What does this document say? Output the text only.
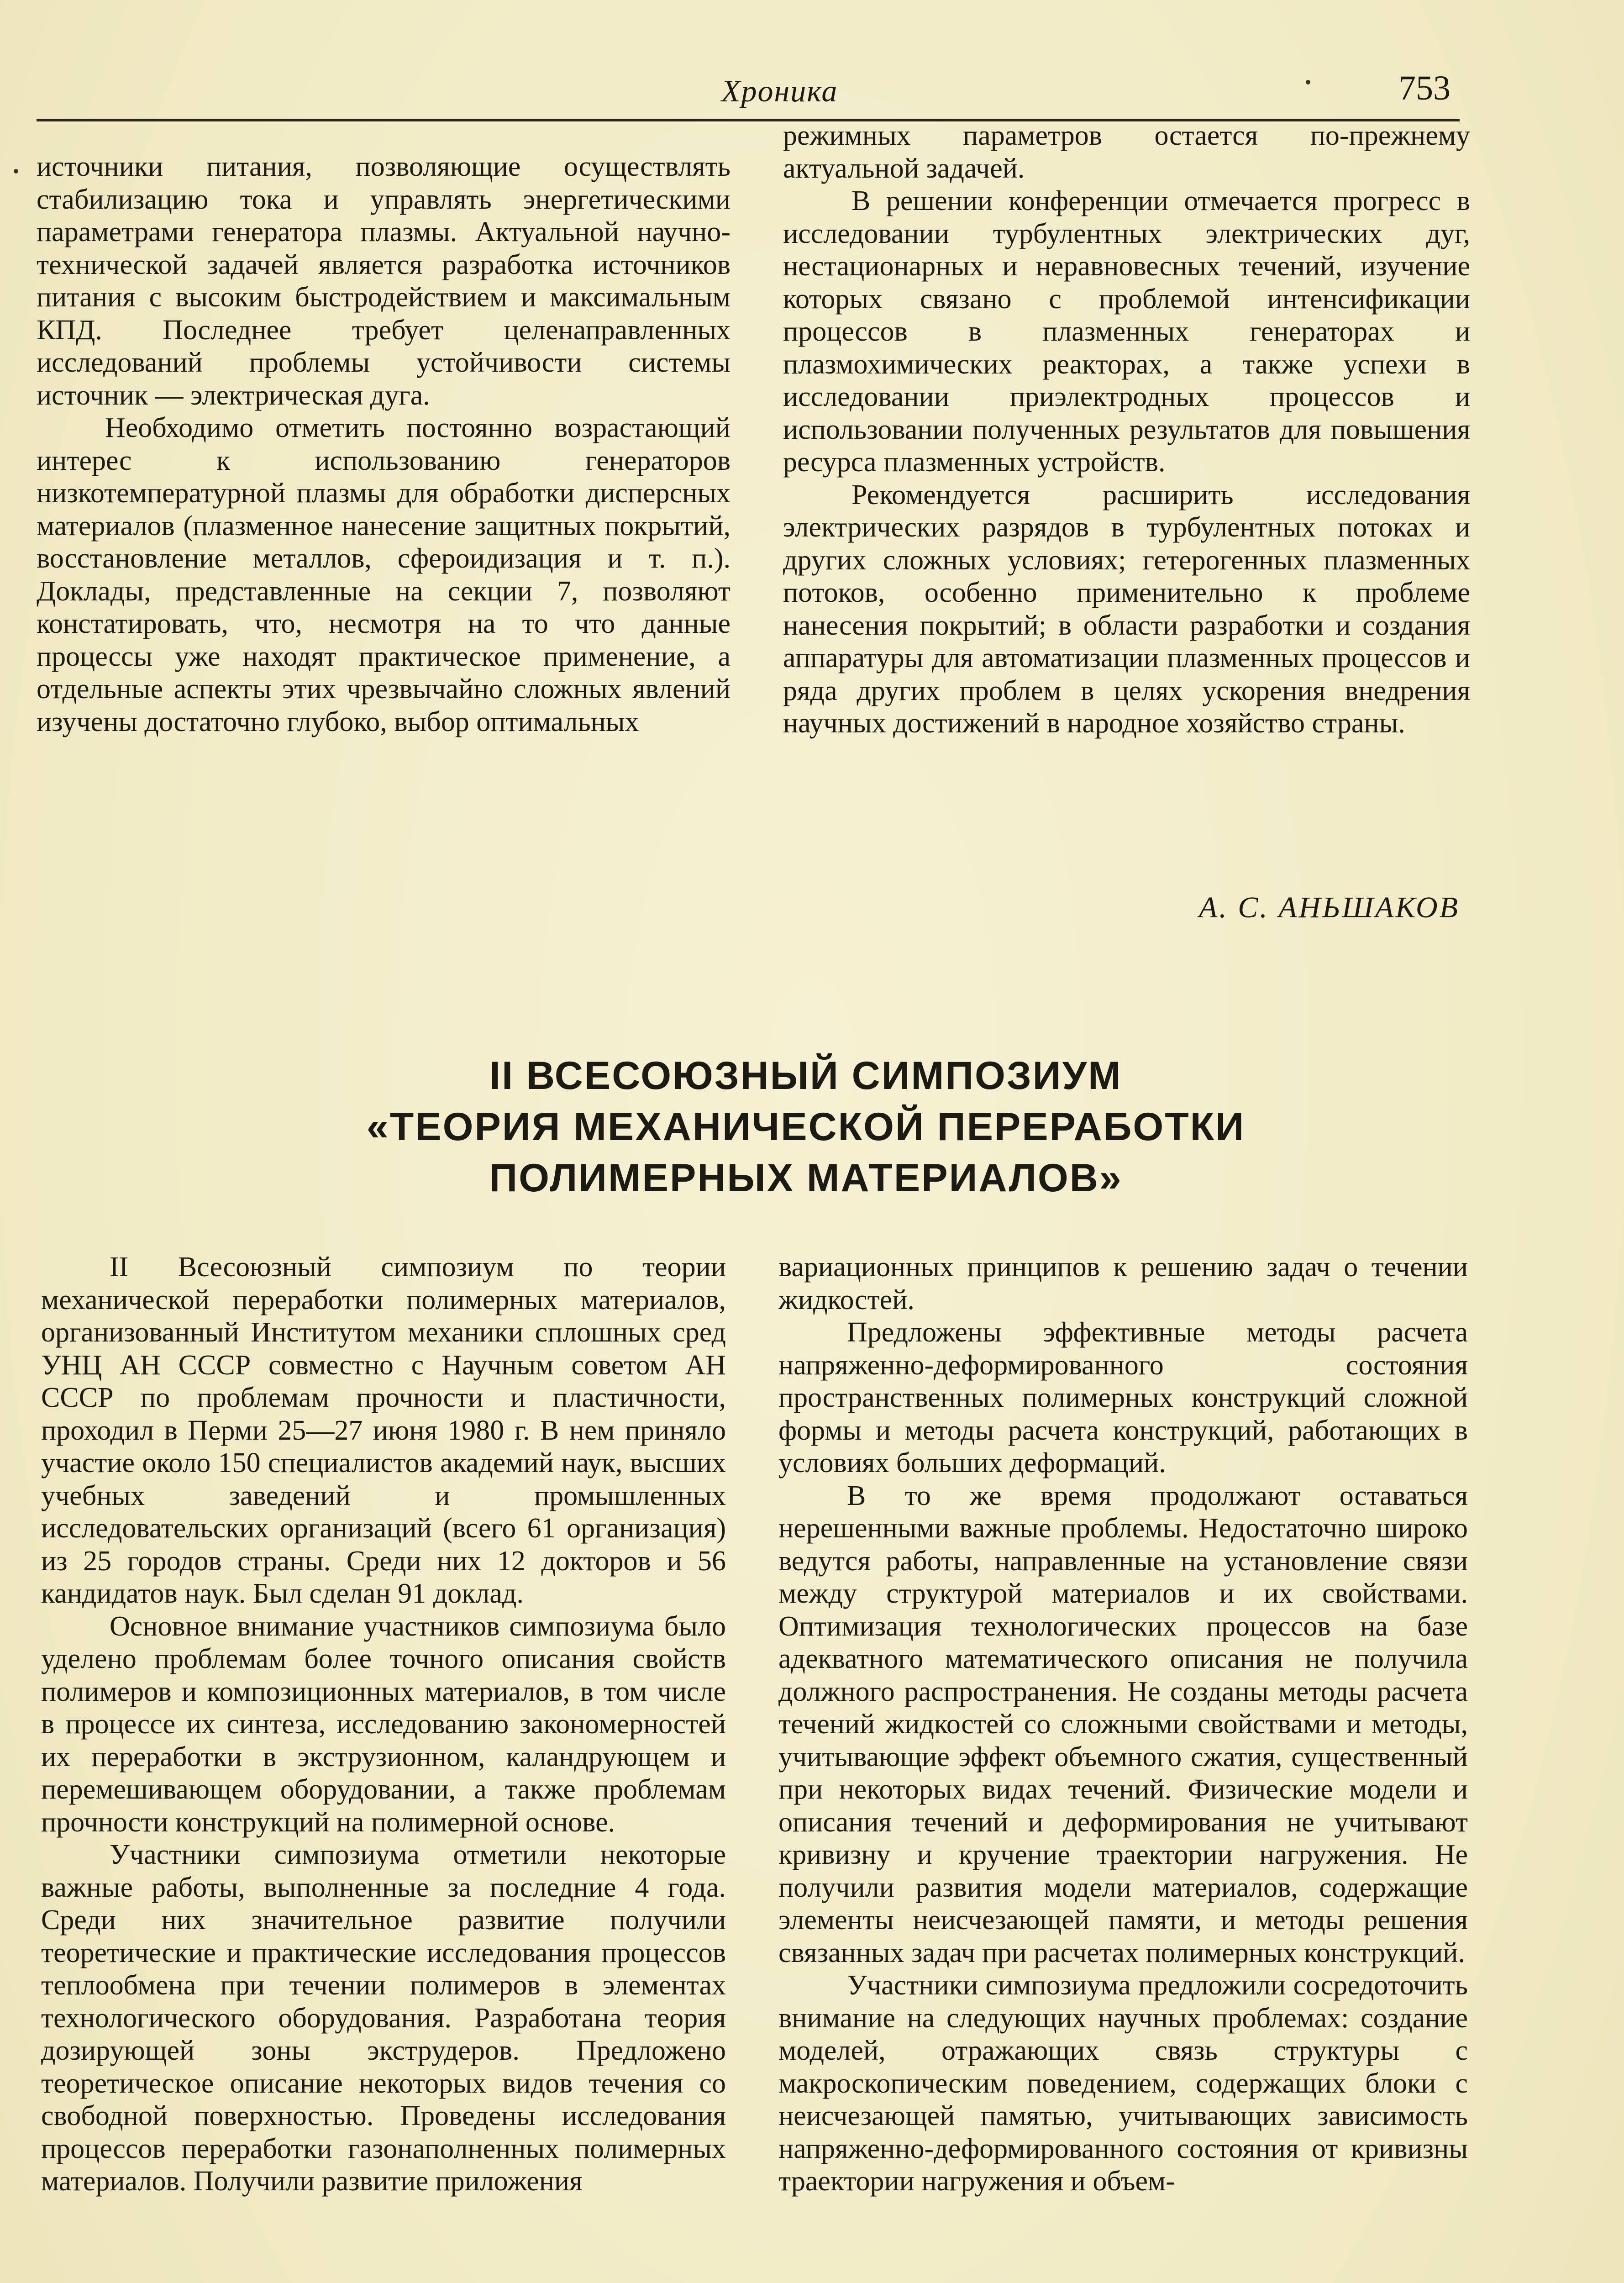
Хроника	753

источники питания, позволяющие осуществлять стабилизацию тока и управлять энергетическими параметрами генератора плазмы. Актуальной научно-технической задачей является разработка источников питания с высоким быстродействием и максимальным КПД. Последнее требует целенаправленных исследований проблемы устойчивости системы источник — электрическая дуга.

Необходимо отметить постоянно возрастающий интерес к использованию генераторов низкотемпературной плазмы для обработки дисперсных материалов (плазменное нанесение защитных покрытий, восстановление металлов, сфероидизация и т. п.). Доклады, представленные на секции 7, позволяют констатировать, что, несмотря на то что данные процессы уже находят практическое применение, а отдельные аспекты этих чрезвычайно сложных явлений изучены достаточно глубоко, выбор оптимальных

режимных параметров остается по-прежнему актуальной задачей.

В решении конференции отмечается прогресс в исследовании турбулентных электрических дуг, нестационарных и неравновесных течений, изучение которых связано с проблемой интенсификации процессов в плазменных генераторах и плазмохимических реакторах, а также успехи в исследовании приэлектродных процессов и использовании полученных результатов для повышения ресурса плазменных устройств.

Рекомендуется расширить исследования электрических разрядов в турбулентных потоках и других сложных условиях; гетерогенных плазменных потоков, особенно применительно к проблеме нанесения покрытий; в области разработки и создания аппаратуры для автоматизации плазменных процессов и ряда других проблем в целях ускорения внедрения научных достижений в народное хозяйство страны.

А. С. АНЬШАКОВ
II ВСЕСОЮЗНЫЙ СИМПОЗИУМ
«ТЕОРИЯ МЕХАНИЧЕСКОЙ ПЕРЕРАБОТКИ
ПОЛИМЕРНЫХ МАТЕРИАЛОВ»

II Всесоюзный симпозиум по теории механической переработки полимерных материалов, организованный Институтом механики сплошных сред УНЦ АН СССР совместно с Научным советом АН СССР по проблемам прочности и пластичности, проходил в Перми 25—27 июня 1980 г. В нем приняло участие около 150 специалистов академий наук, высших учебных заведений и промышленных исследовательских организаций (всего 61 организация) из 25 городов страны. Среди них 12 докторов и 56 кандидатов наук. Был сделан 91 доклад.

Основное внимание участников симпозиума было уделено проблемам более точного описания свойств полимеров и композиционных материалов, в том числе в процессе их синтеза, исследованию закономерностей их переработки в экструзионном, каландрующем и перемешивающем оборудовании, а также проблемам прочности конструкций на полимерной основе.

Участники симпозиума отметили некоторые важные работы, выполненные за последние 4 года. Среди них значительное развитие получили теоретические и практические исследования процессов теплообмена при течении полимеров в элементах технологического оборудования. Разработана теория дозирующей зоны экструдеров. Предложено теоретическое описание некоторых видов течения со свободной поверхностью. Проведены исследования процессов переработки газонаполненных полимерных материалов. Получили развитие приложения

вариационных принципов к решению задач о течении жидкостей.

Предложены эффективные методы расчета напряженно-деформированного состояния пространственных полимерных конструкций сложной формы и методы расчета конструкций, работающих в условиях больших деформаций.

В то же время продолжают оставаться нерешенными важные проблемы. Недостаточно широко ведутся работы, направленные на установление связи между структурой материалов и их свойствами. Оптимизация технологических процессов на базе адекватного математического описания не получила должного распространения. Не созданы методы расчета течений жидкостей со сложными свойствами и методы, учитывающие эффект объемного сжатия, существенный при некоторых видах течений. Физические модели и описания течений и деформирования не учитывают кривизну и кручение траектории нагружения. Не получили развития модели материалов, содержащие элементы неисчезающей памяти, и методы решения связанных задач при расчетах полимерных конструкций.

Участники симпозиума предложили сосредоточить внимание на следующих научных проблемах: создание моделей, отражающих связь структуры с макроскопическим поведением, содержащих блоки с неисчезающей памятью, учитывающих зависимость напряженно-деформированного состояния от кривизны траектории нагружения и объем-
